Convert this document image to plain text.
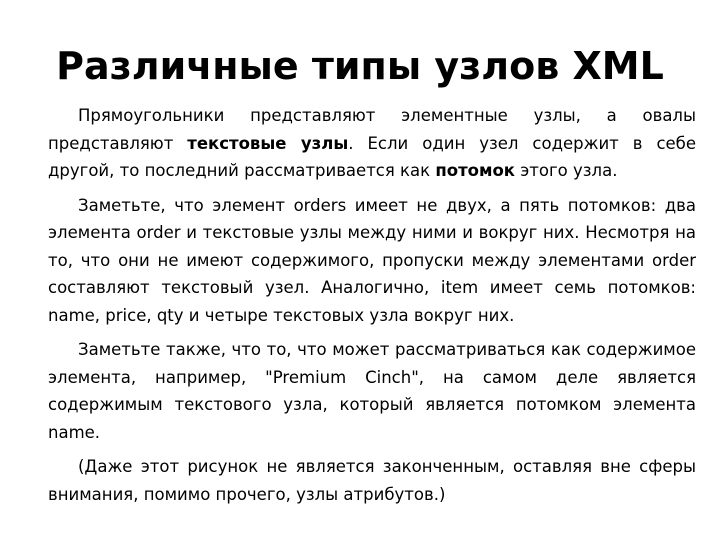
Различные типы узлов XML

Прямоугольники представляют элементные узлы, а овалы представляют текстовые узлы. Если один узел содержит в себе другой, то последний рассматривается как потомок этого узла.

Заметьте, что элемент orders имеет не двух, а пять потомков: два элемента order и текстовые узлы между ними и вокруг них. Несмотря на то, что они не имеют содержимого, пропуски между элементами order составляют текстовый узел. Аналогично, item имеет семь потомков: name, price, qty и четыре текстовых узла вокруг них.

Заметьте также, что то, что может рассматриваться как содержимое элемента, например, "Premium Cinch", на самом деле является содержимым текстового узла, который является потомком элемента name.

(Даже этот рисунок не является законченным, оставляя вне сферы внимания, помимо прочего, узлы атрибутов.)
